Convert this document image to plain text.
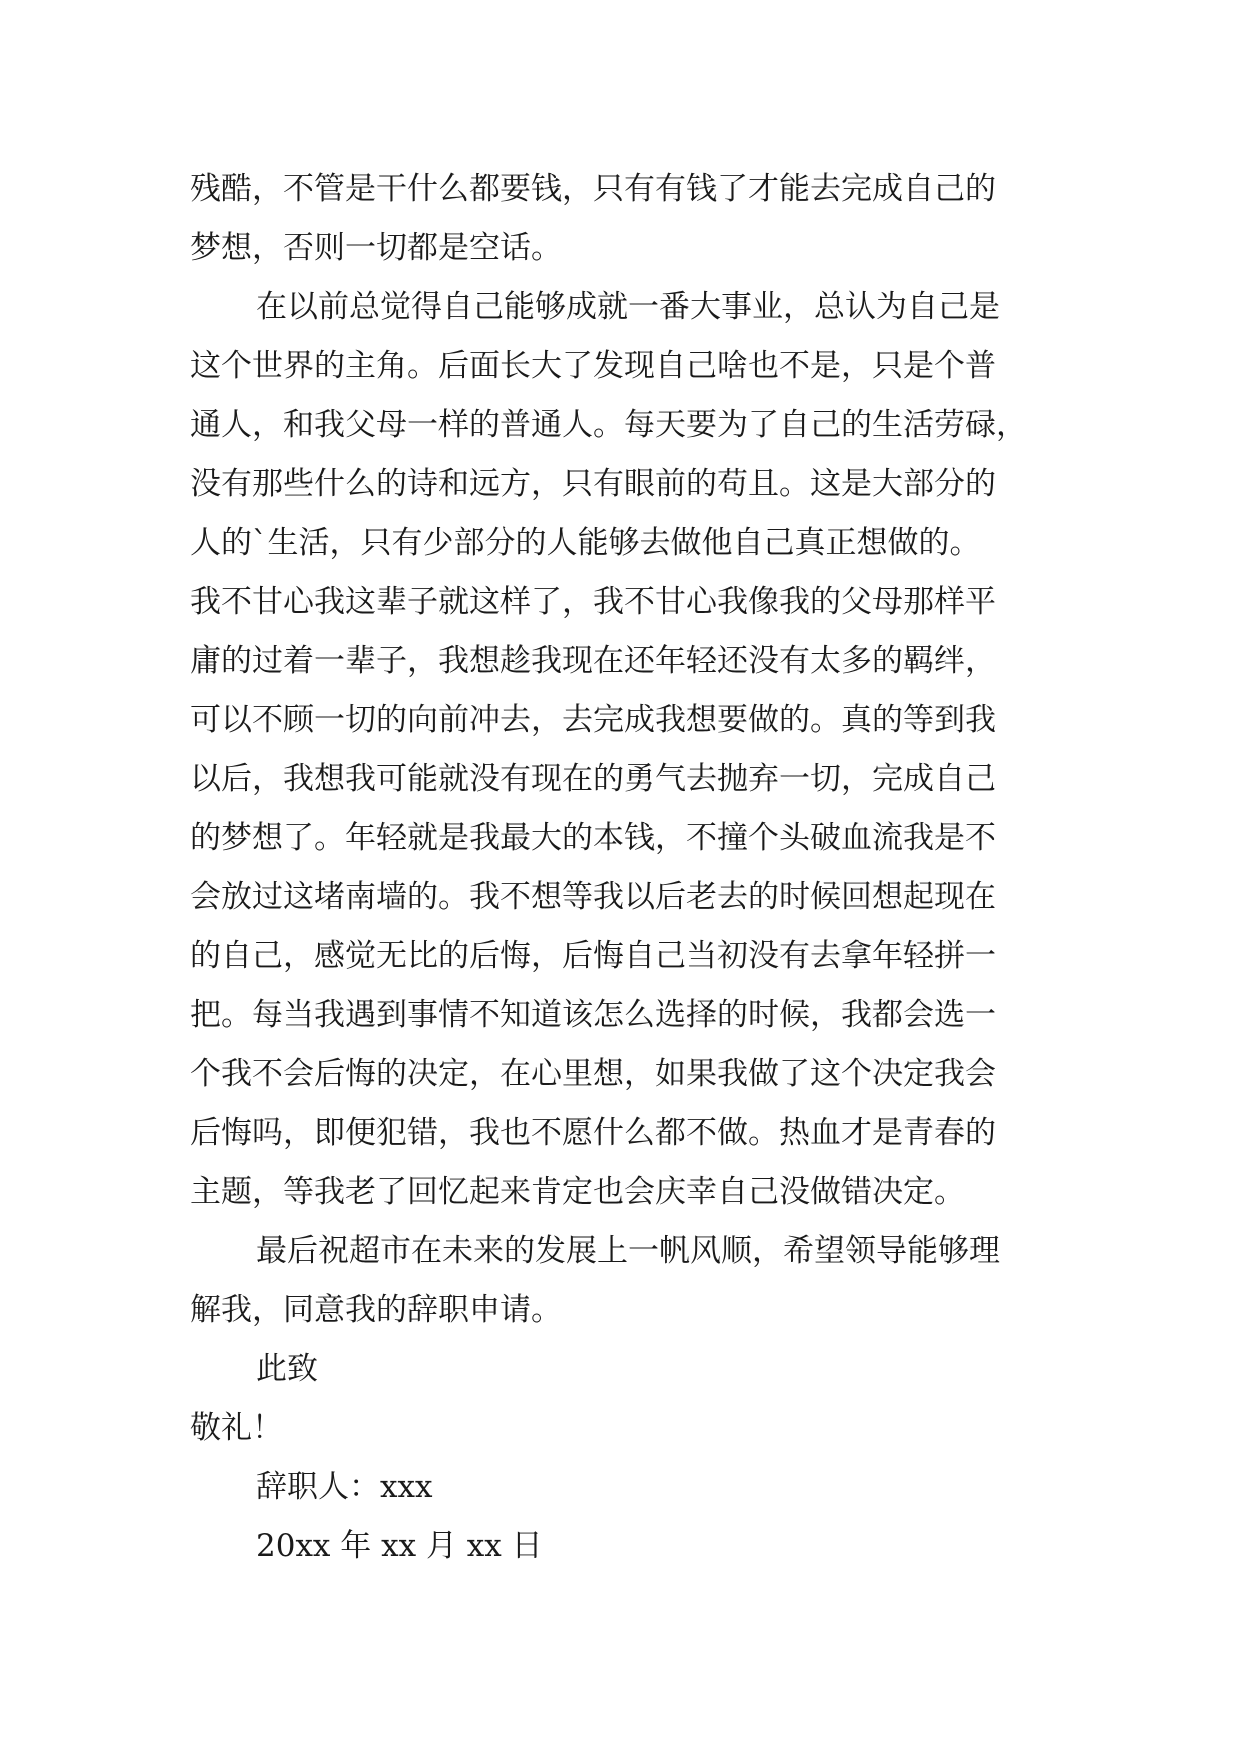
残酷，不管是干什么都要钱，只有有钱了才能去完成自己的
梦想，否则一切都是空话。
在以前总觉得自己能够成就一番大事业，总认为自己是
这个世界的主角。后面长大了发现自己啥也不是，只是个普
通人，和我父母一样的普通人。每天要为了自己的生活劳碌，
没有那些什么的诗和远方，只有眼前的苟且。这是大部分的
人的`生活，只有少部分的人能够去做他自己真正想做的。
我不甘心我这辈子就这样了，我不甘心我像我的父母那样平
庸的过着一辈子，我想趁我现在还年轻还没有太多的羁绊，
可以不顾一切的向前冲去，去完成我想要做的。真的等到我
以后，我想我可能就没有现在的勇气去抛弃一切，完成自己
的梦想了。年轻就是我最大的本钱，不撞个头破血流我是不
会放过这堵南墙的。我不想等我以后老去的时候回想起现在
的自己，感觉无比的后悔，后悔自己当初没有去拿年轻拼一
把。每当我遇到事情不知道该怎么选择的时候，我都会选一
个我不会后悔的决定，在心里想，如果我做了这个决定我会
后悔吗，即便犯错，我也不愿什么都不做。热血才是青春的
主题，等我老了回忆起来肯定也会庆幸自己没做错决定。
最后祝超市在未来的发展上一帆风顺，希望领导能够理
解我，同意我的辞职申请。
此致
敬礼！
辞职人：xxx
20xx 年 xx 月 xx 日
